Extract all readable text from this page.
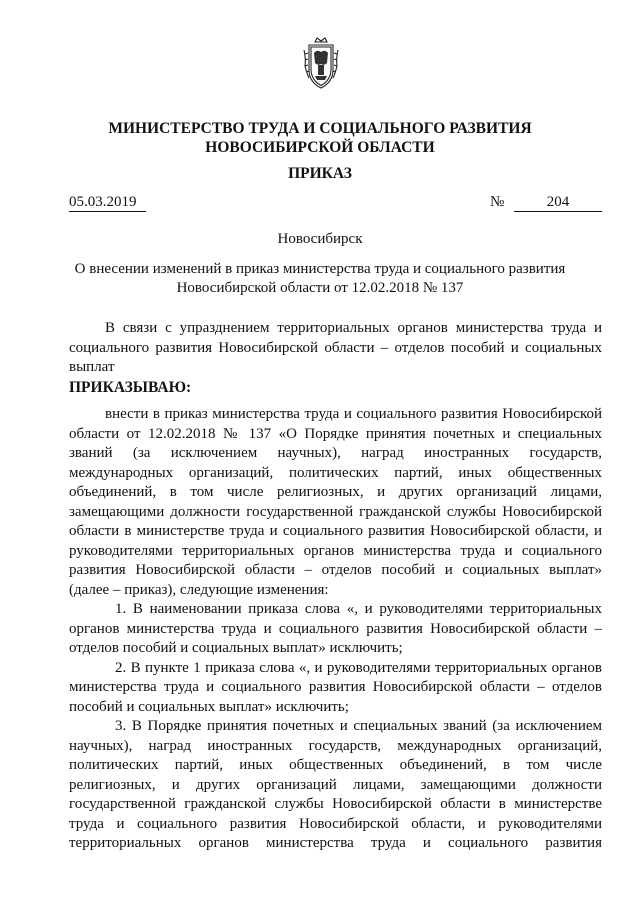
МИНИСТЕРСТВО ТРУДА И СОЦИАЛЬНОГО РАЗВИТИЯ
НОВОСИБИРСКОЙ ОБЛАСТИ
ПРИКАЗ
05.03.2019	№	204
Новосибирск
О внесении изменений в приказ министерства труда и социального развития
Новосибирской области от 12.02.2018 № 137
В связи с упразднением территориальных органов министерства труда и
социального развития Новосибирской области – отделов пособий и социальных
выплат
ПРИКАЗЫВАЮ:
внести в приказ министерства труда и социального развития Новосибирской
области от 12.02.2018 № 137 «О Порядке принятия почетных и специальных
званий (за исключением научных), наград иностранных государств,
международных организаций, политических партий, иных общественных
объединений, в том числе религиозных, и других организаций лицами,
замещающими должности государственной гражданской службы Новосибирской
области в министерстве труда и социального развития Новосибирской области, и
руководителями территориальных органов министерства труда и социального
развития Новосибирской области – отделов пособий и социальных выплат»
(далее – приказ), следующие изменения:
1. В наименовании приказа слова «, и руководителями территориальных
органов министерства труда и социального развития Новосибирской области –
отделов пособий и социальных выплат» исключить;
2. В пункте 1 приказа слова «, и руководителями территориальных органов
министерства труда и социального развития Новосибирской области – отделов
пособий и социальных выплат» исключить;
3. В Порядке принятия почетных и специальных званий (за исключением
научных), наград иностранных государств, международных организаций,
политических партий, иных общественных объединений, в том числе
религиозных, и других организаций лицами, замещающими должности
государственной гражданской службы Новосибирской области в министерстве
труда и социального развития Новосибирской области, и руководителями
территориальных органов министерства труда и социального развития
